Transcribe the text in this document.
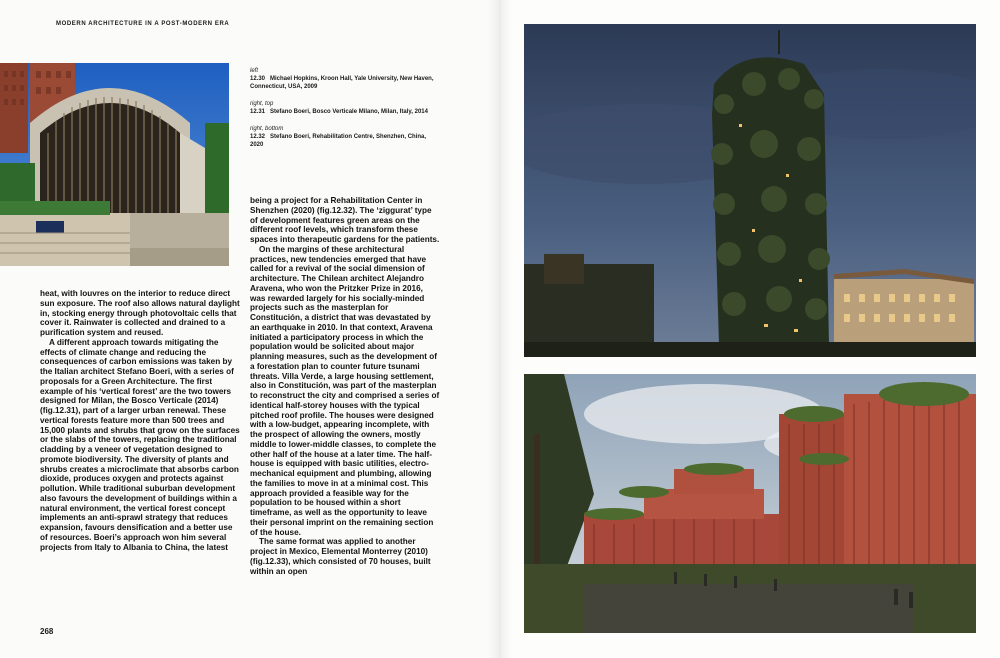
MODERN ARCHITECTURE IN A POST-MODERN ERA
left
12.30 Michael Hopkins, Kroon Hall, Yale University, New Haven, Connecticut, USA, 2009
right, top
12.31 Stefano Boeri, Bosco Verticale Milano, Milan, Italy, 2014
right, bottom
12.32 Stefano Boeri, Rehabilitation Centre, Shenzhen, China, 2020

heat, with louvres on the interior to reduce direct sun exposure. The roof also allows natural daylight in, stocking energy through photovoltaic cells that cover it. Rainwater is collected and drained to a purification system and reused.

A different approach towards mitigating the effects of climate change and reducing the consequences of carbon emissions was taken by the Italian architect Stefano Boeri, with a series of proposals for a Green Architecture. The first example of his ‘vertical forest’ are the two towers designed for Milan, the Bosco Verticale (2014) (fig.12.31), part of a larger urban renewal. These vertical forests feature more than 500 trees and 15,000 plants and shrubs that grow on the surfaces or the slabs of the towers, replacing the traditional cladding by a veneer of vegetation designed to promote biodiversity. The diversity of plants and shrubs creates a microclimate that absorbs carbon dioxide, produces oxygen and protects against pollution. While traditional suburban development also favours the development of buildings within a natural environment, the vertical forest concept implements an anti-sprawl strategy that reduces expansion, favours densification and a better use of resources. Boeri’s approach won him several projects from Italy to Albania to China, the latest

being a project for a Rehabilitation Center in Shenzhen (2020) (fig.12.32). The ‘ziggurat’ type of development features green areas on the different roof levels, which transform these spaces into therapeutic gardens for the patients.

On the margins of these architectural practices, new tendencies emerged that have called for a revival of the social dimension of architecture. The Chilean architect Alejandro Aravena, who won the Pritzker Prize in 2016, was rewarded largely for his socially-minded projects such as the masterplan for Constitución, a district that was devastated by an earthquake in 2010. In that context, Aravena initiated a participatory process in which the population would be solicited about major planning measures, such as the development of a forestation plan to counter future tsunami threats. Villa Verde, a large housing settlement, also in Constitución, was part of the masterplan to reconstruct the city and comprised a series of identical half-storey houses with the typical pitched roof profile. The houses were designed with a low-budget, appearing incomplete, with the prospect of allowing the owners, mostly middle to lower-middle classes, to complete the other half of the house at a later time. The half-house is equipped with basic utilities, electro-mechanical equipment and plumbing, allowing the families to move in at a minimal cost. This approach provided a feasible way for the population to be housed within a short timeframe, as well as the opportunity to leave their personal imprint on the remaining section of the house.

The same format was applied to another project in Mexico, Elemental Monterrey (2010) (fig.12.33), which consisted of 70 houses, built within an open

268
